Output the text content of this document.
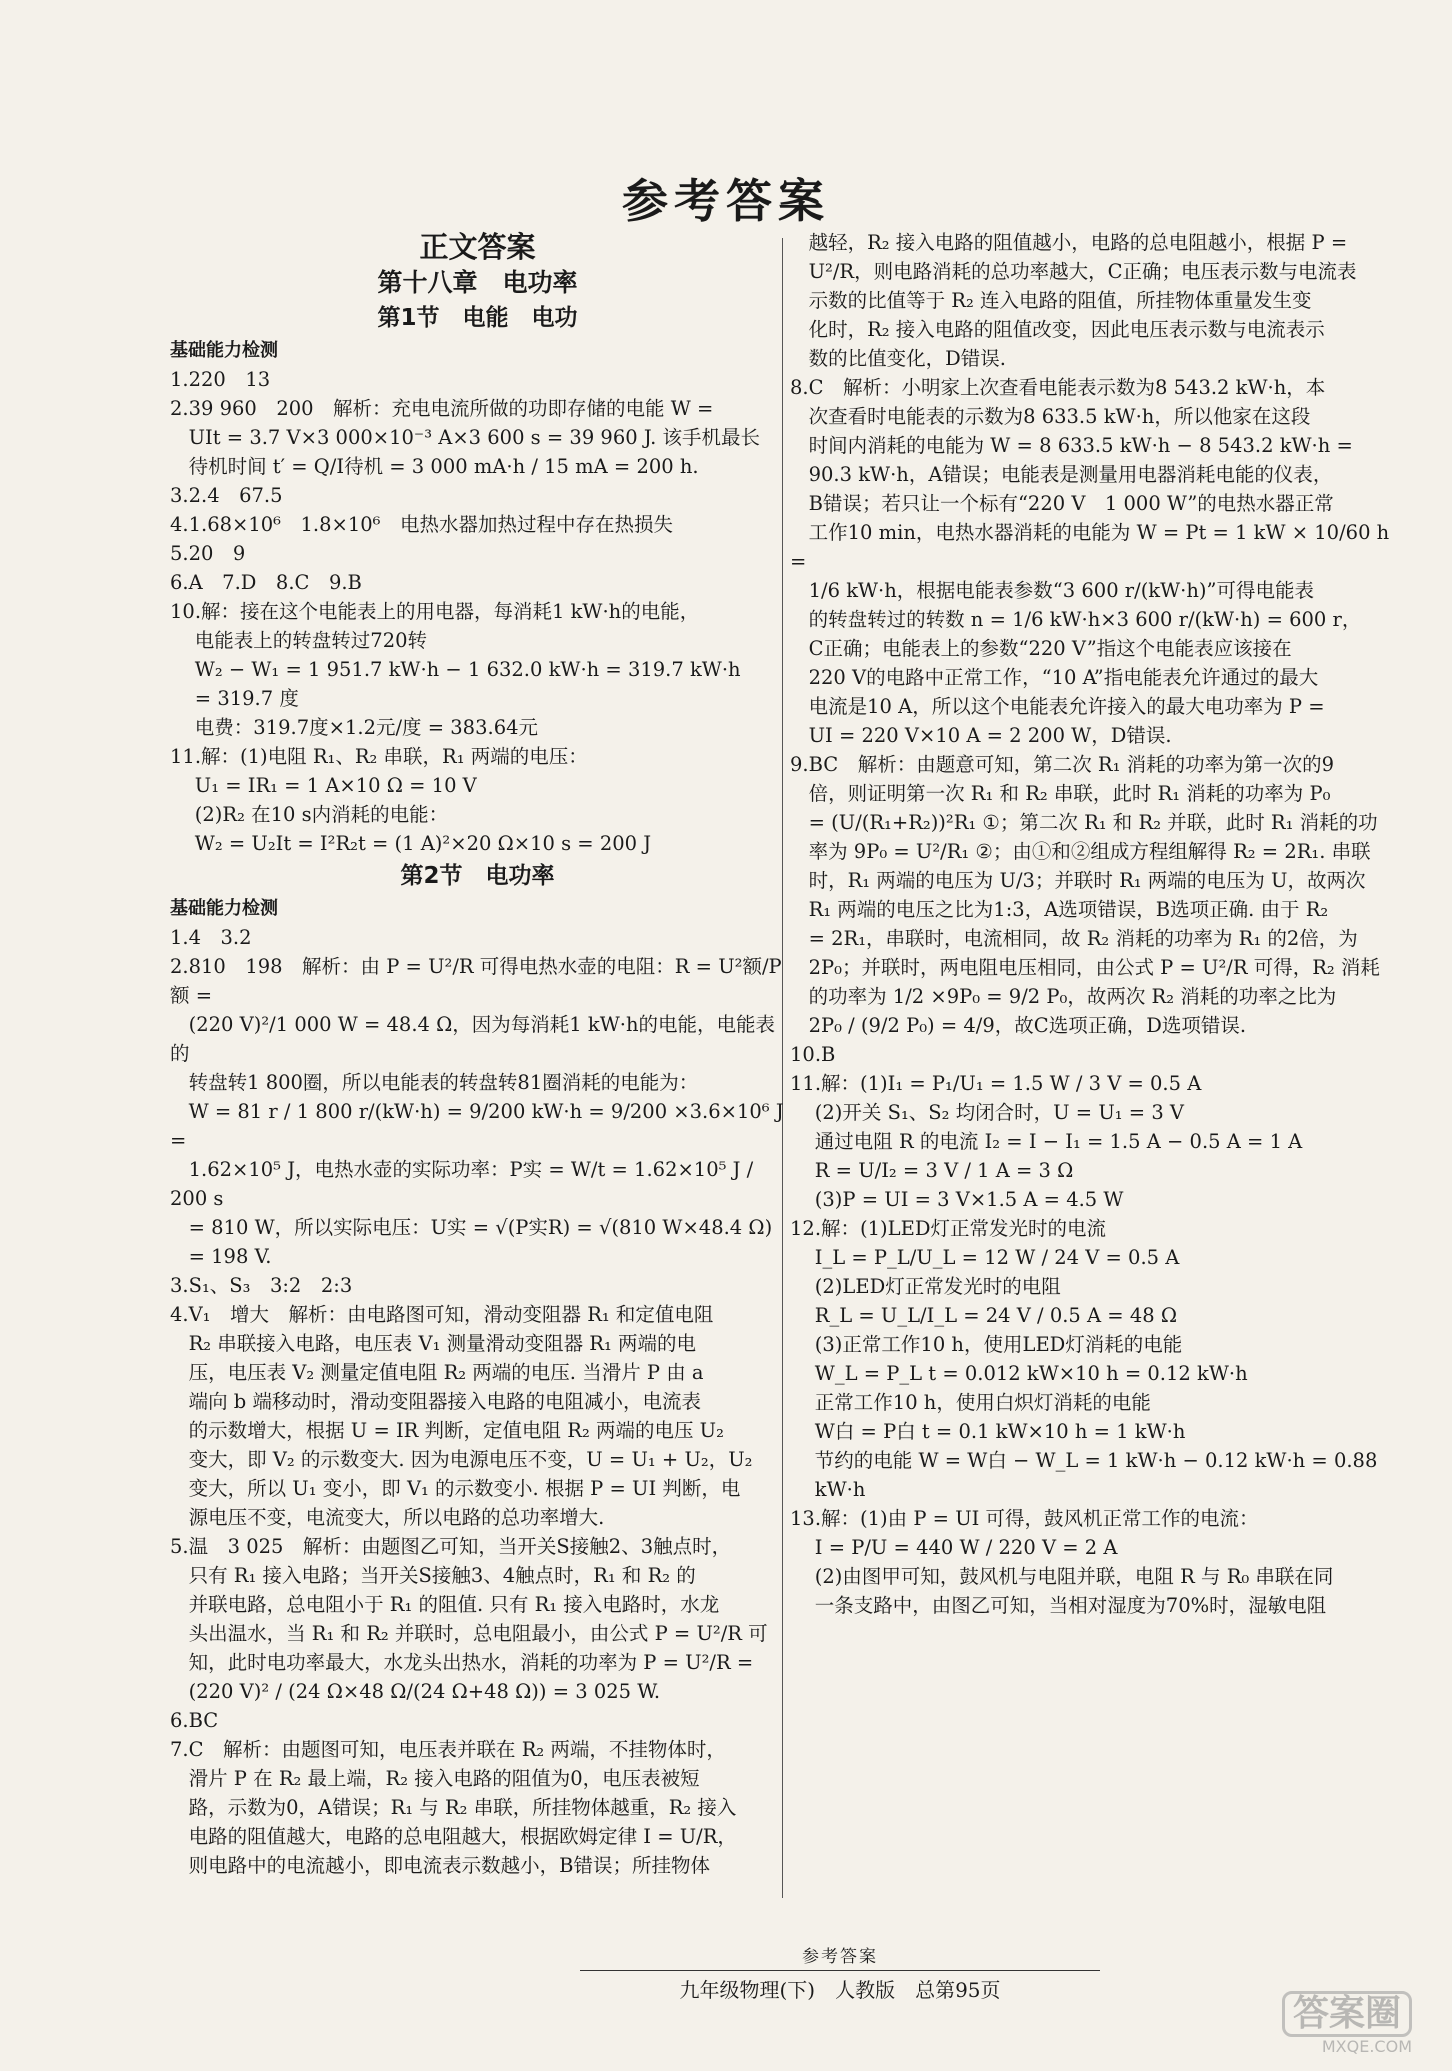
参考答案
正文答案
第十八章　电功率
第1节　电能　电功
基础能力检测
1.220　13
2.39 960　200　解析：充电电流所做的功即存储的电能 W =
UIt = 3.7 V×3 000×10⁻³ A×3 600 s = 39 960 J. 该手机最长
待机时间 t′ = Q/I待机 = 3 000 mA·h / 15 mA = 200 h.
3.2.4　67.5
4.1.68×10⁶　1.8×10⁶　电热水器加热过程中存在热损失
5.20　9
6.A　7.D　8.C　9.B
10.解：接在这个电能表上的用电器，每消耗1 kW·h的电能，
电能表上的转盘转过720转
W₂ − W₁ = 1 951.7 kW·h − 1 632.0 kW·h = 319.7 kW·h
= 319.7 度
电费：319.7度×1.2元/度 = 383.64元
11.解：(1)电阻 R₁、R₂ 串联，R₁ 两端的电压：
U₁ = IR₁ = 1 A×10 Ω = 10 V
(2)R₂ 在10 s内消耗的电能：
W₂ = U₂It = I²R₂t = (1 A)²×20 Ω×10 s = 200 J
第2节　电功率
基础能力检测
1.4　3.2
2.810　198　解析：由 P = U²/R 可得电热水壶的电阻：R = U²额/P额 =
(220 V)²/1 000 W = 48.4 Ω，因为每消耗1 kW·h的电能，电能表的
转盘转1 800圈，所以电能表的转盘转81圈消耗的电能为：
W = 81 r / 1 800 r/(kW·h) = 9/200 kW·h = 9/200 ×3.6×10⁶ J =
1.62×10⁵ J，电热水壶的实际功率：P实 = W/t = 1.62×10⁵ J / 200 s
= 810 W，所以实际电压：U实 = √(P实R) = √(810 W×48.4 Ω)
= 198 V.
3.S₁、S₃　3:2　2:3
4.V₁　增大　解析：由电路图可知，滑动变阻器 R₁ 和定值电阻
R₂ 串联接入电路，电压表 V₁ 测量滑动变阻器 R₁ 两端的电
压，电压表 V₂ 测量定值电阻 R₂ 两端的电压. 当滑片 P 由 a
端向 b 端移动时，滑动变阻器接入电路的电阻减小，电流表
的示数增大，根据 U = IR 判断，定值电阻 R₂ 两端的电压 U₂
变大，即 V₂ 的示数变大. 因为电源电压不变，U = U₁ + U₂，U₂
变大，所以 U₁ 变小，即 V₁ 的示数变小. 根据 P = UI 判断，电
源电压不变，电流变大，所以电路的总功率增大.
5.温　3 025　解析：由题图乙可知，当开关S接触2、3触点时，
只有 R₁ 接入电路；当开关S接触3、4触点时，R₁ 和 R₂ 的
并联电路，总电阻小于 R₁ 的阻值. 只有 R₁ 接入电路时，水龙
头出温水，当 R₁ 和 R₂ 并联时，总电阻最小，由公式 P = U²/R 可
知，此时电功率最大，水龙头出热水，消耗的功率为 P = U²/R =
(220 V)² / (24 Ω×48 Ω/(24 Ω+48 Ω)) = 3 025 W.
6.BC
7.C　解析：由题图可知，电压表并联在 R₂ 两端，不挂物体时，
滑片 P 在 R₂ 最上端，R₂ 接入电路的阻值为0，电压表被短
路，示数为0，A错误；R₁ 与 R₂ 串联，所挂物体越重，R₂ 接入
电路的阻值越大，电路的总电阻越大，根据欧姆定律 I = U/R，
则电路中的电流越小，即电流表示数越小，B错误；所挂物体
越轻，R₂ 接入电路的阻值越小，电路的总电阻越小，根据 P =
U²/R，则电路消耗的总功率越大，C正确；电压表示数与电流表
示数的比值等于 R₂ 连入电路的阻值，所挂物体重量发生变
化时，R₂ 接入电路的阻值改变，因此电压表示数与电流表示
数的比值变化，D错误.
8.C　解析：小明家上次查看电能表示数为8 543.2 kW·h，本
次查看时电能表的示数为8 633.5 kW·h，所以他家在这段
时间内消耗的电能为 W = 8 633.5 kW·h − 8 543.2 kW·h =
90.3 kW·h，A错误；电能表是测量用电器消耗电能的仪表，
B错误；若只让一个标有“220 V　1 000 W”的电热水器正常
工作10 min，电热水器消耗的电能为 W = Pt = 1 kW × 10/60 h =
1/6 kW·h，根据电能表参数“3 600 r/(kW·h)”可得电能表
的转盘转过的转数 n = 1/6 kW·h×3 600 r/(kW·h) = 600 r，
C正确；电能表上的参数“220 V”指这个电能表应该接在
220 V的电路中正常工作，“10 A”指电能表允许通过的最大
电流是10 A，所以这个电能表允许接入的最大电功率为 P =
UI = 220 V×10 A = 2 200 W，D错误.
9.BC　解析：由题意可知，第二次 R₁ 消耗的功率为第一次的9
倍，则证明第一次 R₁ 和 R₂ 串联，此时 R₁ 消耗的功率为 P₀
= (U/(R₁+R₂))²R₁ ①；第二次 R₁ 和 R₂ 并联，此时 R₁ 消耗的功
率为 9P₀ = U²/R₁ ②；由①和②组成方程组解得 R₂ = 2R₁. 串联
时，R₁ 两端的电压为 U/3；并联时 R₁ 两端的电压为 U，故两次
R₁ 两端的电压之比为1:3，A选项错误，B选项正确. 由于 R₂
= 2R₁，串联时，电流相同，故 R₂ 消耗的功率为 R₁ 的2倍，为
2P₀；并联时，两电阻电压相同，由公式 P = U²/R 可得，R₂ 消耗
的功率为 1/2 ×9P₀ = 9/2 P₀，故两次 R₂ 消耗的功率之比为
2P₀ / (9/2 P₀) = 4/9，故C选项正确，D选项错误.
10.B
11.解：(1)I₁ = P₁/U₁ = 1.5 W / 3 V = 0.5 A
(2)开关 S₁、S₂ 均闭合时，U = U₁ = 3 V
通过电阻 R 的电流 I₂ = I − I₁ = 1.5 A − 0.5 A = 1 A
R = U/I₂ = 3 V / 1 A = 3 Ω
(3)P = UI = 3 V×1.5 A = 4.5 W
12.解：(1)LED灯正常发光时的电流
I_L = P_L/U_L = 12 W / 24 V = 0.5 A
(2)LED灯正常发光时的电阻
R_L = U_L/I_L = 24 V / 0.5 A = 48 Ω
(3)正常工作10 h，使用LED灯消耗的电能
W_L = P_L t = 0.012 kW×10 h = 0.12 kW·h
正常工作10 h，使用白炽灯消耗的电能
W白 = P白 t = 0.1 kW×10 h = 1 kW·h
节约的电能 W = W白 − W_L = 1 kW·h − 0.12 kW·h = 0.88
kW·h
13.解：(1)由 P = UI 可得，鼓风机正常工作的电流：
I = P/U = 440 W / 220 V = 2 A
(2)由图甲可知，鼓风机与电阻并联，电阻 R 与 R₀ 串联在同
一条支路中，由图乙可知，当相对湿度为70%时，湿敏电阻
参考答案
九年级物理(下)　人教版　总第95页
答案圈
MXQE.COM
